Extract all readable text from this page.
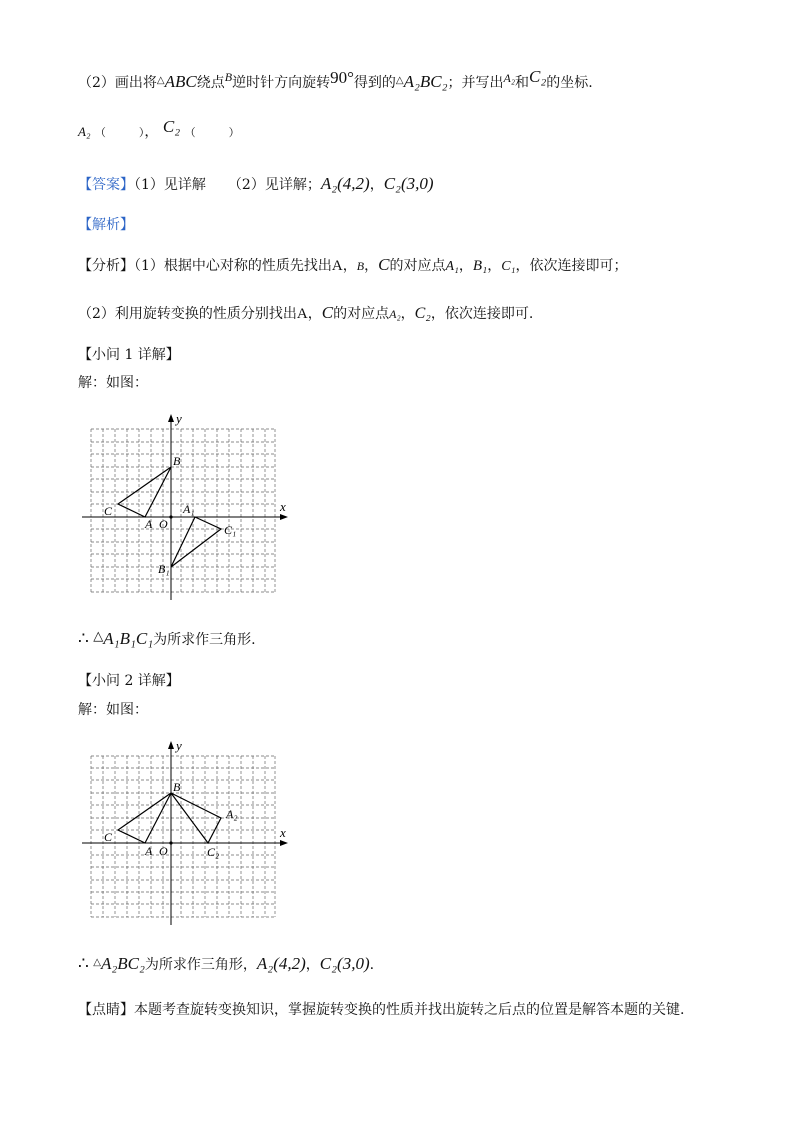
（2）画出将△ABC绕点B逆时针方向旋转90°得到的△A₂BC₂；并写出A₂和C₂的坐标.
A₂ （　　　）， C₂ （　　　）
【答案】（1）见详解 （2）见详解；A₂(4,2)，C₂(3,0)
【解析】
【分析】（1）根据中心对称的性质先找出A，B，C的对应点A₁，B₁，C₁，依次连接即可；
（2）利用旋转变换的性质分别找出A，C的对应点A₂，C₂，依次连接即可.
【小问 1 详解】
解：如图：
y
x
B
C
A O
A₁
C₁
B₁
∴ △A₁B₁C₁为所求作三角形.
【小问 2 详解】
解：如图：
y
x
B
C
A O
A₂
C₂
∴ △A₂BC₂为所求作三角形，A₂(4,2)，C₂(3,0).
【点睛】本题考查旋转变换知识，掌握旋转变换的性质并找出旋转之后点的位置是解答本题的关键.
